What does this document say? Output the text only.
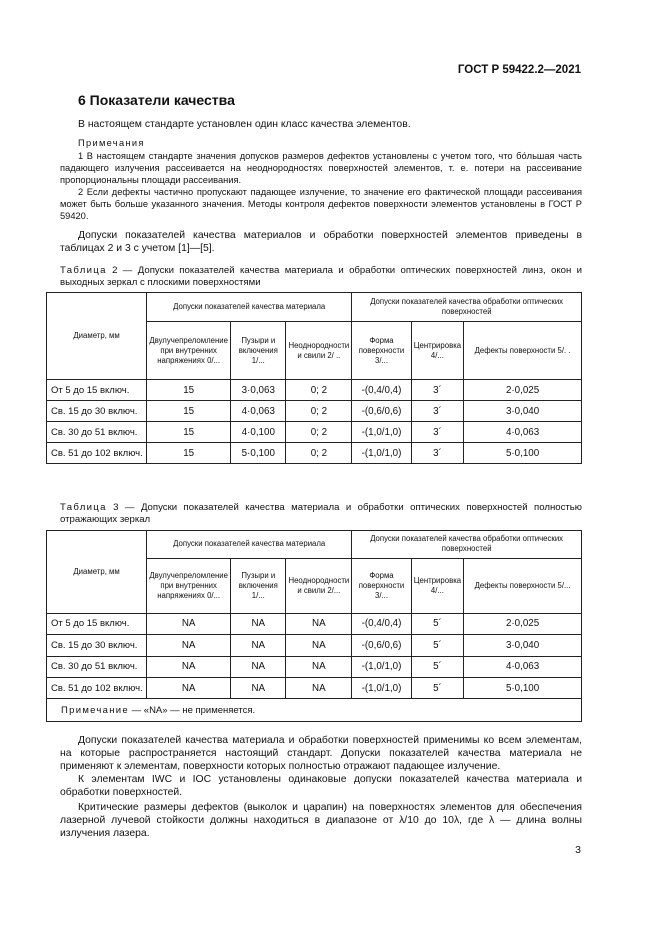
ГОСТ Р 59422.2—2021
6 Показатели качества
В настоящем стандарте установлен один класс качества элементов.
Примечания
1 В настоящем стандарте значения допусков размеров дефектов установлены с учетом того, что бо́льшая часть падающего излучения рассеивается на неоднородностях поверхностей элементов, т. е. потери на рассеивание пропорциональны площади рассеивания.
2 Если дефекты частично пропускают падающее излучение, то значение его фактической площади рассеивания может быть больше указанного значения. Методы контроля дефектов поверхности элементов установлены в ГОСТ Р 59420.
Допуски показателей качества материалов и обработки поверхностей элементов приведены в таблицах 2 и 3 с учетом [1]—[5].
Таблица 2 — Допуски показателей качества материала и обработки оптических поверхностей линз, окон и выходных зеркал с плоскими поверхностями
Диаметр, мм	Допуски показателей качества материала			Допуски показателей качества обработки оптических поверхностей		
	Двулучепреломление при внутренних напряжениях 0/...	Пузыри и включения 1/...	Неоднородности и свили 2/ ..	Форма поверхности 3/...	Центрировка 4/...	Дефекты поверхности 5/. .
От 5 до 15 включ.	15	3·0,063	0; 2	-(0,4/0,4)	3´	2·0,025
Св. 15 до 30 включ.	15	4·0,063	0; 2	-(0,6/0,6)	3´	3·0,040
Св. 30 до 51 включ.	15	4·0,100	0; 2	-(1,0/1,0)	3´	4·0,063
Св. 51 до 102 включ.	15	5·0,100	0; 2	-(1,0/1,0)	3´	5·0,100
Таблица 3 — Допуски показателей качества материала и обработки оптических поверхностей полностью отражающих зеркал
Диаметр, мм	Допуски показателей качества материала			Допуски показателей качества обработки оптических поверхностей		
	Двулучепреломление при внутренних напряжениях 0/...	Пузыри и включения 1/...	Неоднородности и свили 2/...	Форма поверхности 3/...	Центрировка 4/...	Дефекты поверхности 5/...
От 5 до 15 включ.	NA	NA	NA	-(0,4/0,4)	5´	2·0,025
Св. 15 до 30 включ.	NA	NA	NA	-(0,6/0,6)	5´	3·0,040
Св. 30 до 51 включ.	NA	NA	NA	-(1,0/1,0)	5´	4·0,063
Св. 51 до 102 включ.	NA	NA	NA	-(1,0/1,0)	5´	5·0,100
Примечание — «NA» — не применяется.						
Допуски показателей качества материала и обработки поверхностей применимы ко всем элементам, на которые распространяется настоящий стандарт. Допуски показателей качества материала не применяют к элементам, поверхности которых полностью отражают падающее излучение.
К элементам IWC и IOC установлены одинаковые допуски показателей качества материала и обработки поверхностей.
Критические размеры дефектов (выколок и царапин) на поверхностях элементов для обеспечения лазерной лучевой стойкости должны находиться в диапазоне от λ/10 до 10λ, где λ — длина волны излучения лазера.
3
